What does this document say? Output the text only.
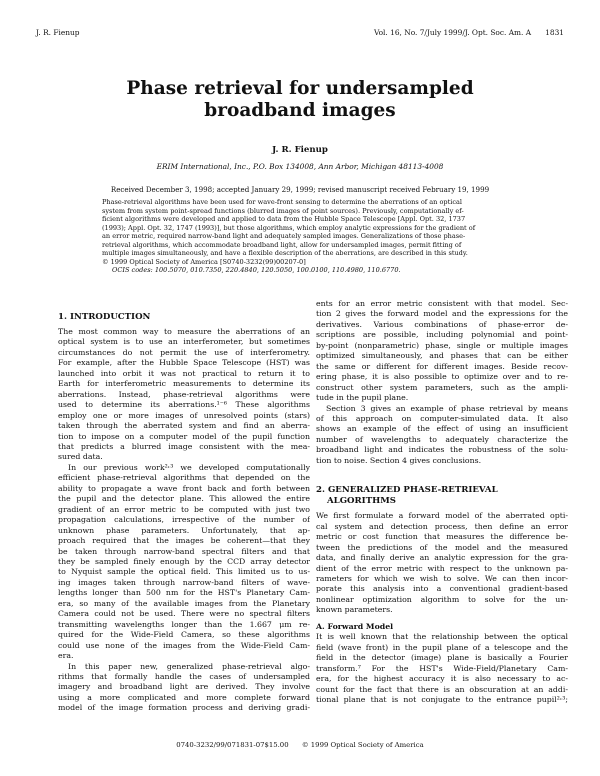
J. R. Fienup	Vol. 16, No. 7/July 1999/J. Opt. Soc. Am. A      1831
Phase retrieval for undersampled
broadband images
J. R. Fienup
ERIM International, Inc., P.O. Box 134008, Ann Arbor, Michigan 48113-4008
Received December 3, 1998; accepted January 29, 1999; revised manuscript received February 19, 1999
Phase-retrieval algorithms have been used for wave-front sensing to determine the aberrations of an optical
system from system point-spread functions (blurred images of point sources). Previously, computationally ef-
ficient algorithms were developed and applied to data from the Hubble Space Telescope [Appl. Opt. 32, 1737
(1993); Appl. Opt. 32, 1747 (1993)], but those algorithms, which employ analytic expressions for the gradient of
an error metric, required narrow-band light and adequately sampled images. Generalizations of those phase-
retrieval algorithms, which accommodate broadband light, allow for undersampled images, permit fitting of
multiple images simultaneously, and have a flexible description of the aberrations, are described in this study.
© 1999 Optical Society of America [S0740-3232(99)00207-0]
OCIS codes: 100.5070, 010.7350, 220.4840, 120.5050, 100.0100, 110.4980, 110.6770.
1. INTRODUCTION
The most common way to measure the aberrations of an
optical system is to use an interferometer, but sometimes
circumstances do not permit the use of interferometry.
For example, after the Hubble Space Telescope (HST) was
launched into orbit it was not practical to return it to
Earth for interferometric measurements to determine its
aberrations. Instead, phase-retrieval algorithms were
used to determine its aberrations.¹⁻⁶ These algorithms
employ one or more images of unresolved points (stars)
taken through the aberrated system and find an aberra-
tion to impose on a computer model of the pupil function
that predicts a blurred image consistent with the mea-
sured data.
In our previous work²˒³ we developed computationally
efficient phase-retrieval algorithms that depended on the
ability to propagate a wave front back and forth between
the pupil and the detector plane. This allowed the entire
gradient of an error metric to be computed with just two
propagation calculations, irrespective of the number of
unknown phase parameters. Unfortunately, that ap-
proach required that the images be coherent—that they
be taken through narrow-band spectral filters and that
they be sampled finely enough by the CCD array detector
to Nyquist sample the optical field. This limited us to us-
ing images taken through narrow-band filters of wave-
lengths longer than 500 nm for the HST's Planetary Cam-
era, so many of the available images from the Planetary
Camera could not be used. There were no spectral filters
transmitting wavelengths longer than the 1.667 μm re-
quired for the Wide-Field Camera, so these algorithms
could use none of the images from the Wide-Field Cam-
era.
In this paper new, generalized phase-retrieval algo-
rithms that formally handle the cases of undersampled
imagery and broadband light are derived. They involve
using a more complicated and more complete forward
model of the image formation process and deriving gradi-
ents for an error metric consistent with that model. Sec-
tion 2 gives the forward model and the expressions for the
derivatives. Various combinations of phase-error de-
scriptions are possible, including polynomial and point-
by-point (nonparametric) phase, single or multiple images
optimized simultaneously, and phases that can be either
the same or different for different images. Beside recov-
ering phase, it is also possible to optimize over and to re-
construct other system parameters, such as the ampli-
tude in the pupil plane.
Section 3 gives an example of phase retrieval by means
of this approach on computer-simulated data. It also
shows an example of the effect of using an insufficient
number of wavelengths to adequately characterize the
broadband light and indicates the robustness of the solu-
tion to noise. Section 4 gives conclusions.
2. GENERALIZED PHASE-RETRIEVAL
ALGORITHMS
We first formulate a forward model of the aberrated opti-
cal system and detection process, then define an error
metric or cost function that measures the difference be-
tween the predictions of the model and the measured
data, and finally derive an analytic expression for the gra-
dient of the error metric with respect to the unknown pa-
rameters for which we wish to solve. We can then incor-
porate this analysis into a conventional gradient-based
nonlinear optimization algorithm to solve for the un-
known parameters.
A. Forward Model
It is well known that the relationship between the optical
field (wave front) in the pupil plane of a telescope and the
field in the detector (image) plane is basically a Fourier
transform.⁷ For the HST's Wide-Field/Planetary Cam-
era, for the highest accuracy it is also necessary to ac-
count for the fact that there is an obscuration at an addi-
tional plane that is not conjugate to the entrance pupil²˒³;
0740-3232/99/071831-07$15.00      © 1999 Optical Society of America
